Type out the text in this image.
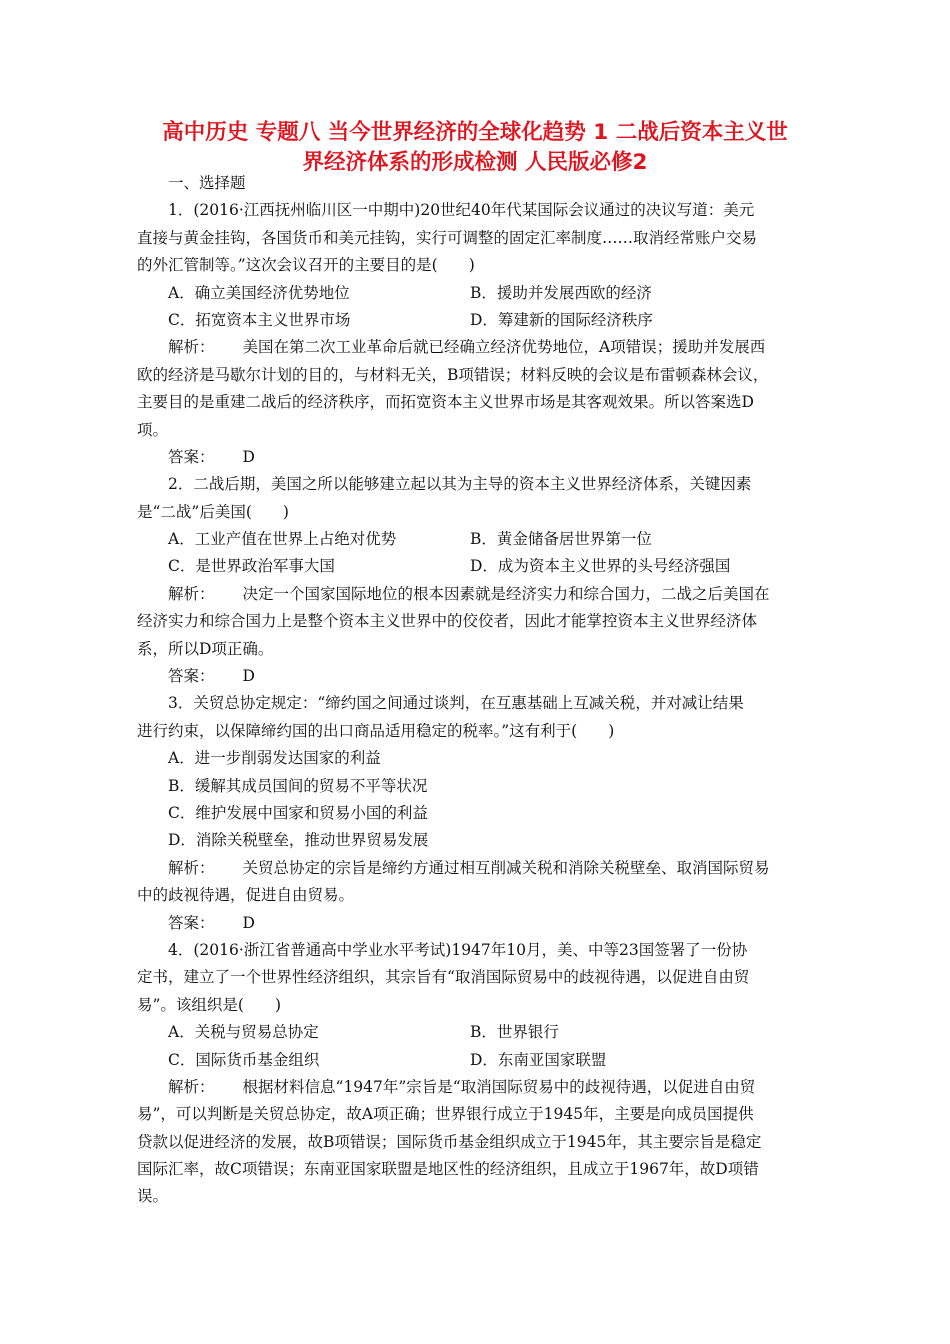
高中历史 专题八 当今世界经济的全球化趋势 1 二战后资本主义世
界经济体系的形成检测 人民版必修2
一、选择题
1．(2016·江西抚州临川区一中期中)20世纪40年代某国际会议通过的决议写道：美元
直接与黄金挂钩，各国货币和美元挂钩，实行可调整的固定汇率制度……取消经常账户交易
的外汇管制等。”这次会议召开的主要目的是(　　)
A．确立美国经济优势地位	B．援助并发展西欧的经济
C．拓宽资本主义世界市场	D．筹建新的国际经济秩序
解析： 美国在第二次工业革命后就已经确立经济优势地位，A项错误；援助并发展西
欧的经济是马歇尔计划的目的，与材料无关，B项错误；材料反映的会议是布雷顿森林会议，
主要目的是重建二战后的经济秩序，而拓宽资本主义世界市场是其客观效果。所以答案选D
项。
答案： D
2．二战后期，美国之所以能够建立起以其为主导的资本主义世界经济体系，关键因素
是“二战”后美国(　　)
A．工业产值在世界上占绝对优势	B．黄金储备居世界第一位
C．是世界政治军事大国	D．成为资本主义世界的头号经济强国
解析： 决定一个国家国际地位的根本因素就是经济实力和综合国力，二战之后美国在
经济实力和综合国力上是整个资本主义世界中的佼佼者，因此才能掌控资本主义世界经济体
系，所以D项正确。
答案： D
3．关贸总协定规定：“缔约国之间通过谈判，在互惠基础上互减关税，并对减让结果
进行约束，以保障缔约国的出口商品适用稳定的税率。”这有利于(　　)
A．进一步削弱发达国家的利益
B．缓解其成员国间的贸易不平等状况
C．维护发展中国家和贸易小国的利益
D．消除关税壁垒，推动世界贸易发展
解析： 关贸总协定的宗旨是缔约方通过相互削减关税和消除关税壁垒、取消国际贸易
中的歧视待遇，促进自由贸易。
答案： D
4．(2016·浙江省普通高中学业水平考试)1947年10月，美、中等23国签署了一份协
定书，建立了一个世界性经济组织，其宗旨有“取消国际贸易中的歧视待遇，以促进自由贸
易”。该组织是(　　)
A．关税与贸易总协定	B．世界银行
C．国际货币基金组织	D．东南亚国家联盟
解析： 根据材料信息“1947年”宗旨是“取消国际贸易中的歧视待遇，以促进自由贸
易”，可以判断是关贸总协定，故A项正确；世界银行成立于1945年，主要是向成员国提供
贷款以促进经济的发展，故B项错误；国际货币基金组织成立于1945年，其主要宗旨是稳定
国际汇率，故C项错误；东南亚国家联盟是地区性的经济组织，且成立于1967年，故D项错
误。
